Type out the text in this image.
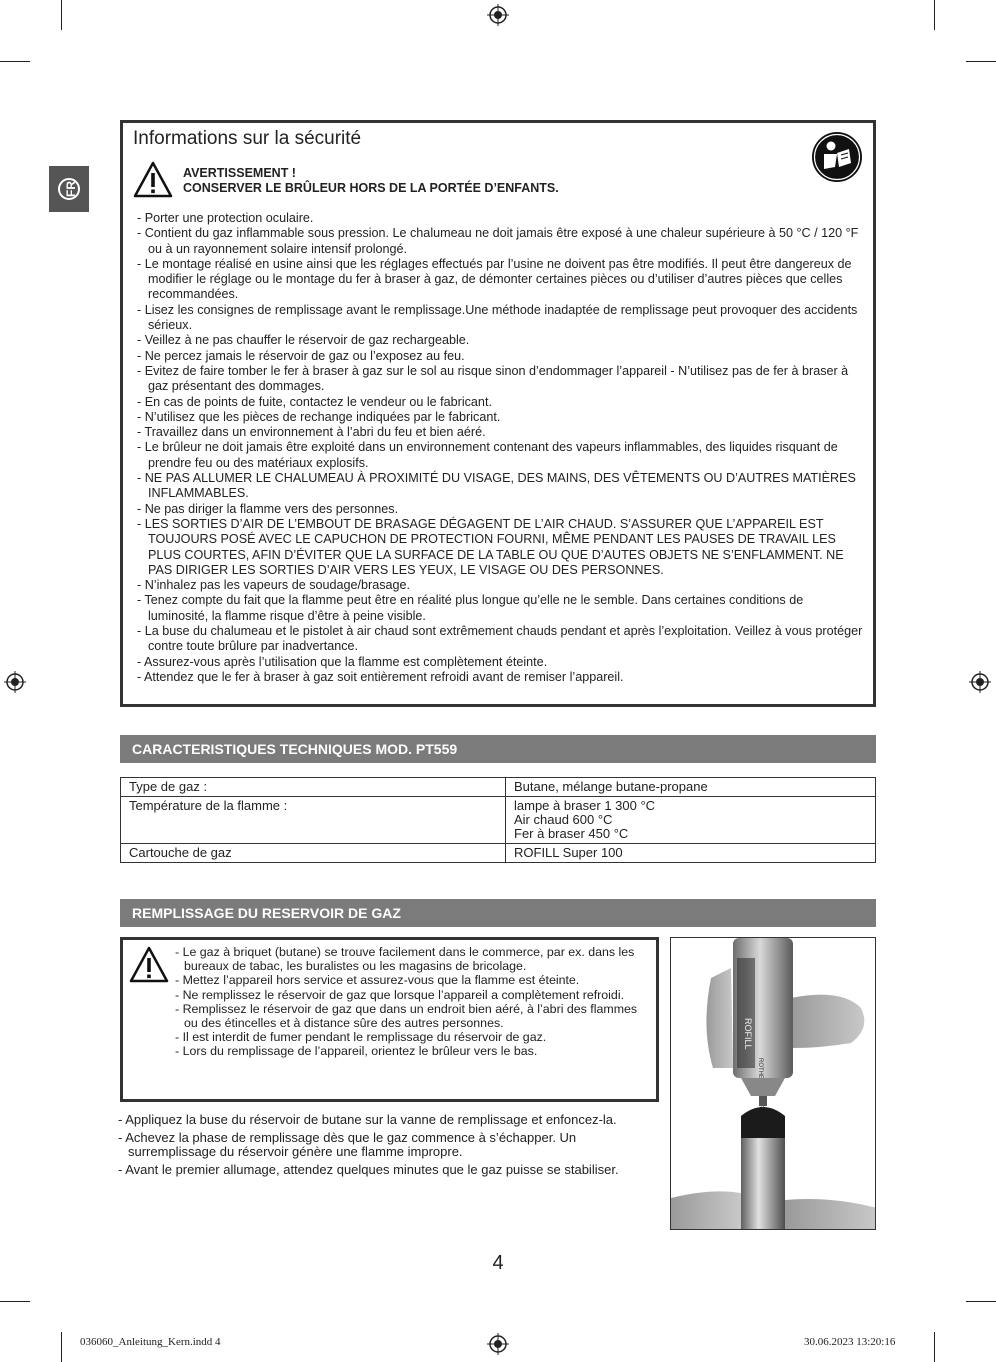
FR
Informations sur la sécurité
AVERTISSEMENT !
CONSERVER LE BRÛLEUR HORS DE LA PORTÉE D’ENFANTS.
- Porter une protection oculaire.
- Contient du gaz inflammable sous pression. Le chalumeau ne doit jamais être exposé à une chaleur supérieure à 50 °C / 120 °F ou à un rayonnement solaire intensif prolongé.
- Le montage réalisé en usine ainsi que les réglages effectués par l’usine ne doivent pas être modifiés. Il peut être dangereux de modifier le réglage ou le montage du fer à braser à gaz, de démonter certaines pièces ou d’utiliser d’autres pièces que celles recommandées.
- Lisez les consignes de remplissage avant le remplissage.Une méthode inadaptée de remplissage peut provoquer des accidents sérieux.
- Veillez à ne pas chauffer le réservoir de gaz rechargeable.
- Ne percez jamais le réservoir de gaz ou l’exposez au feu.
- Evitez de faire tomber le fer à braser à gaz sur le sol au risque sinon d’endommager l’appareil - N’utilisez pas de fer à braser à gaz présentant des dommages.
- En cas de points de fuite, contactez le vendeur ou le fabricant.
- N’utilisez que les pièces de rechange indiquées par le fabricant.
- Travaillez dans un environnement à l’abri du feu et bien aéré.
- Le brûleur ne doit jamais être exploité dans un environnement contenant des vapeurs inflammables, des liquides risquant de prendre feu ou des matériaux explosifs.
- NE PAS ALLUMER LE CHALUMEAU À PROXIMITÉ DU VISAGE, DES MAINS, DES VÊTEMENTS OU D’AUTRES MATIÈRES INFLAMMABLES.
- Ne pas diriger la flamme vers des personnes.
- LES SORTIES D’AIR DE L’EMBOUT DE BRASAGE DÉGAGENT DE L’AIR CHAUD. S’ASSURER QUE L’APPAREIL EST TOUJOURS POSÉ AVEC LE CAPUCHON DE PROTECTION FOURNI, MÊME PENDANT LES PAUSES DE TRAVAIL LES PLUS COURTES, AFIN D’ÉVITER QUE LA SURFACE DE LA TABLE OU QUE D’AUTES OBJETS NE S’ENFLAMMENT. NE PAS DIRIGER LES SORTIES D’AIR VERS LES YEUX, LE VISAGE OU DES PERSONNES.
- N’inhalez pas les vapeurs de soudage/brasage.
- Tenez compte du fait que la flamme peut être en réalité plus longue qu’elle ne le semble. Dans certaines conditions de luminosité, la flamme risque d’être à peine visible.
- La buse du chalumeau et le pistolet à air chaud sont extrêmement chauds pendant et après l’exploitation. Veillez à vous protéger contre toute brûlure par inadvertance.
- Assurez-vous après l’utilisation que la flamme est complètement éteinte.
- Attendez que le fer à braser à gaz soit entièrement refroidi avant de remiser l’appareil.
CARACTERISTIQUES TECHNIQUES MOD. PT559
Type de gaz :	Butane, mélange butane-propane
Température de la flamme :	lampe à braser 1 300 °C
Air chaud 600 °C
Fer à braser 450 °C
Cartouche de gaz	ROFILL Super 100
REMPLISSAGE DU RESERVOIR DE GAZ
- Le gaz à briquet (butane) se trouve facilement dans le commerce, par ex. dans les bureaux de tabac, les buralistes ou les magasins de bricolage.
- Mettez l’appareil hors service et assurez-vous que la flamme est éteinte.
- Ne remplissez le réservoir de gaz que lorsque l’appareil a complètement refroidi.
- Remplissez le réservoir de gaz que dans un endroit bien aéré, à l’abri des flammes ou des étincelles et à distance sûre des autres personnes.
- Il est interdit de fumer pendant le remplissage du réservoir de gaz.
- Lors du remplissage de l’appareil, orientez le brûleur vers le bas.
- Appliquez la buse du réservoir de butane sur la vanne de remplissage et enfoncez-la.
- Achevez la phase de remplissage dès que le gaz commence à s’échapper. Un surremplissage du réservoir génère une flamme impropre.
- Avant le premier allumage, attendez quelques minutes que le gaz puisse se stabiliser.
ROFILL
4
036060_Anleitung_Kern.indd 4	30.06.2023 13:20:16
